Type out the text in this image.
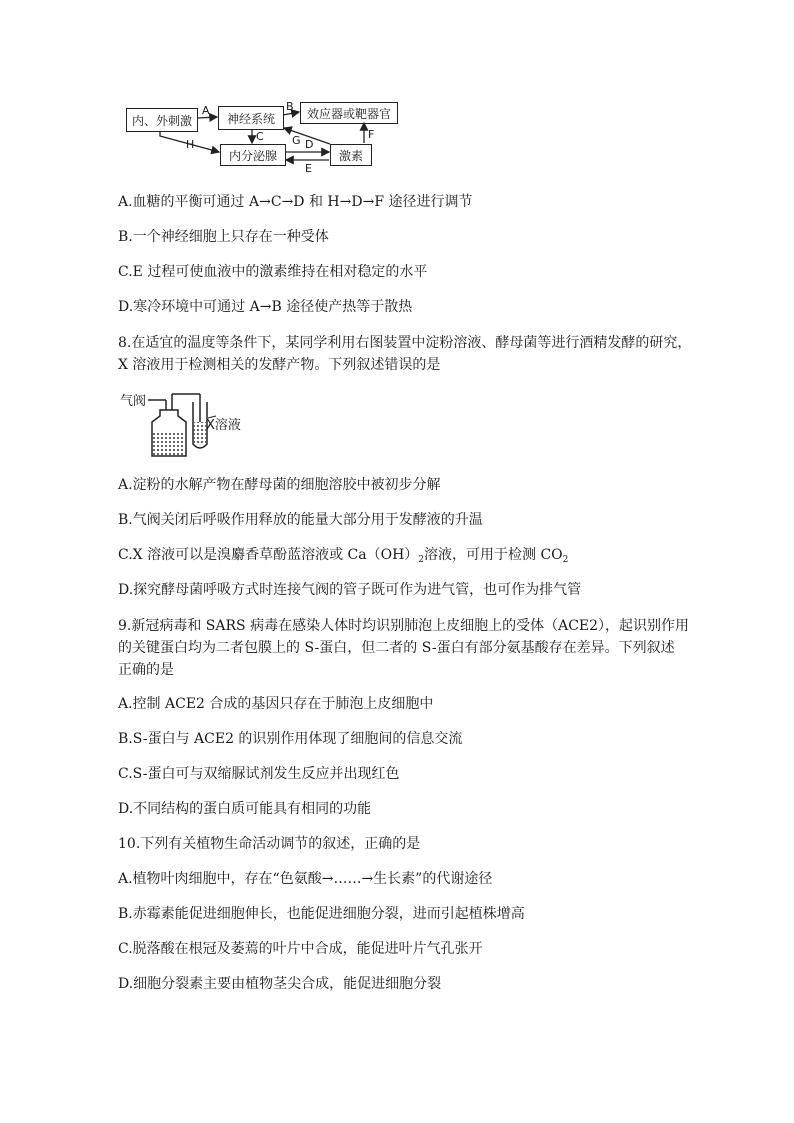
内、外刺激	神经系统	效应器或靶器官
内分泌腺	激素
A	B
C
D
E
F
G
H
A.血糖的平衡可通过 A→C→D 和 H→D→F 途径进行调节
B.一个神经细胞上只存在一种受体
C.E 过程可使血液中的激素维持在相对稳定的水平
D.寒冷环境中可通过 A→B 途径使产热等于散热
8.在适宜的温度等条件下，某同学利用右图装置中淀粉溶液、酵母菌等进行酒精发酵的研究，
X 溶液用于检测相关的发酵产物。下列叙述错误的是
气阀
X溶液
A.淀粉的水解产物在酵母菌的细胞溶胶中被初步分解
B.气阀关闭后呼吸作用释放的能量大部分用于发酵液的升温
C.X 溶液可以是溴麝香草酚蓝溶液或 $Ca(OH)_2$溶液，可用于检测 $CO_2$
D.探究酵母菌呼吸方式时连接气阀的管子既可作为进气管，也可作为排气管
9.新冠病毒和 SARS 病毒在感染人体时均识别肺泡上皮细胞上的受体（ACE2），起识别作用
的关键蛋白均为二者包膜上的 S-蛋白，但二者的 S-蛋白有部分氨基酸存在差异。下列叙述
正确的是
A.控制 ACE2 合成的基因只存在于肺泡上皮细胞中
B.S-蛋白与 ACE2 的识别作用体现了细胞间的信息交流
C.S-蛋白可与双缩脲试剂发生反应并出现红色
D.不同结构的蛋白质可能具有相同的功能
10.下列有关植物生命活动调节的叙述，正确的是
A.植物叶肉细胞中，存在“色氨酸→……→生长素”的代谢途径
B.赤霉素能促进细胞伸长，也能促进细胞分裂，进而引起植株增高
C.脱落酸在根冠及萎蔫的叶片中合成，能促进叶片气孔张开
D.细胞分裂素主要由植物茎尖合成，能促进细胞分裂
